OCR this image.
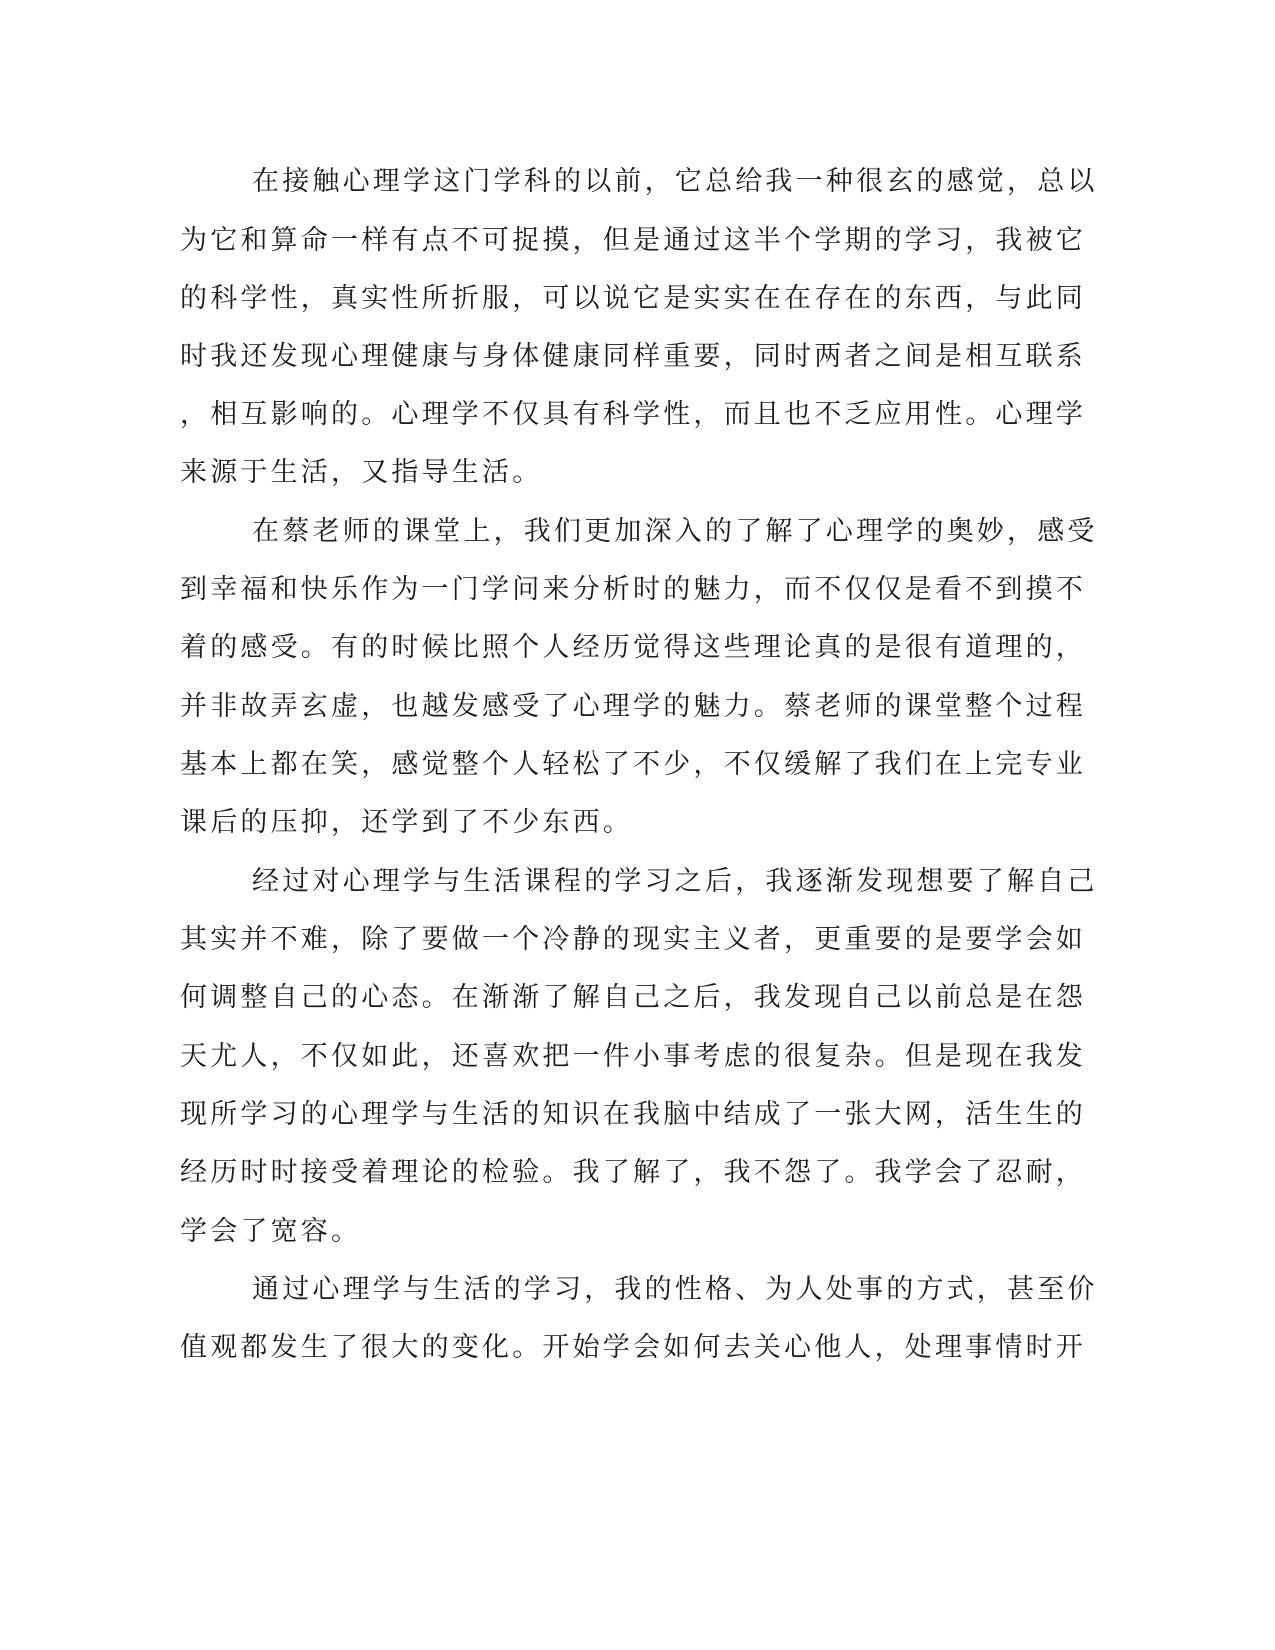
在接触心理学这门学科的以前，它总给我一种很玄的感觉，总以

为它和算命一样有点不可捉摸，但是通过这半个学期的学习，我被它

的科学性，真实性所折服，可以说它是实实在在存在的东西，与此同

时我还发现心理健康与身体健康同样重要，同时两者之间是相互联系

，相互影响的。心理学不仅具有科学性，而且也不乏应用性。心理学

来源于生活，又指导生活。

在蔡老师的课堂上，我们更加深入的了解了心理学的奥妙，感受

到幸福和快乐作为一门学问来分析时的魅力，而不仅仅是看不到摸不

着的感受。有的时候比照个人经历觉得这些理论真的是很有道理的，

并非故弄玄虚，也越发感受了心理学的魅力。蔡老师的课堂整个过程

基本上都在笑，感觉整个人轻松了不少，不仅缓解了我们在上完专业

课后的压抑，还学到了不少东西。

经过对心理学与生活课程的学习之后，我逐渐发现想要了解自己

其实并不难，除了要做一个冷静的现实主义者，更重要的是要学会如

何调整自己的心态。在渐渐了解自己之后，我发现自己以前总是在怨

天尤人，不仅如此，还喜欢把一件小事考虑的很复杂。但是现在我发

现所学习的心理学与生活的知识在我脑中结成了一张大网，活生生的

经历时时接受着理论的检验。我了解了，我不怨了。我学会了忍耐，

学会了宽容。

通过心理学与生活的学习，我的性格、为人处事的方式，甚至价

值观都发生了很大的变化。开始学会如何去关心他人，处理事情时开
